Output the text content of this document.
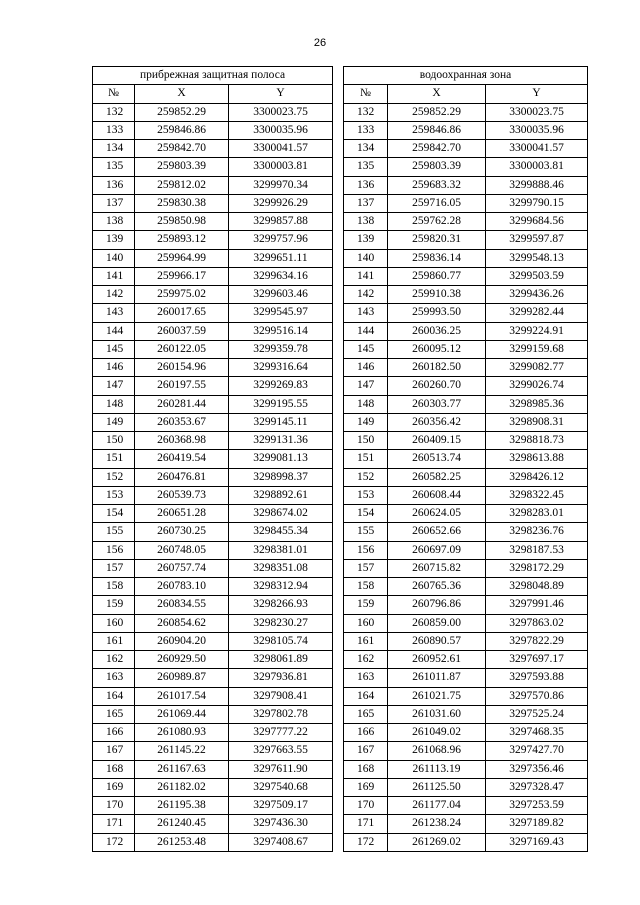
26
прибрежная защитная полоса		
№	X	Y
132	259852.29	3300023.75
133	259846.86	3300035.96
134	259842.70	3300041.57
135	259803.39	3300003.81
136	259812.02	3299970.34
137	259830.38	3299926.29
138	259850.98	3299857.88
139	259893.12	3299757.96
140	259964.99	3299651.11
141	259966.17	3299634.16
142	259975.02	3299603.46
143	260017.65	3299545.97
144	260037.59	3299516.14
145	260122.05	3299359.78
146	260154.96	3299316.64
147	260197.55	3299269.83
148	260281.44	3299195.55
149	260353.67	3299145.11
150	260368.98	3299131.36
151	260419.54	3299081.13
152	260476.81	3298998.37
153	260539.73	3298892.61
154	260651.28	3298674.02
155	260730.25	3298455.34
156	260748.05	3298381.01
157	260757.74	3298351.08
158	260783.10	3298312.94
159	260834.55	3298266.93
160	260854.62	3298230.27
161	260904.20	3298105.74
162	260929.50	3298061.89
163	260989.87	3297936.81
164	261017.54	3297908.41
165	261069.44	3297802.78
166	261080.93	3297777.22
167	261145.22	3297663.55
168	261167.63	3297611.90
169	261182.02	3297540.68
170	261195.38	3297509.17
171	261240.45	3297436.30
172	261253.48	3297408.67
водоохранная зона		
№	X	Y
132	259852.29	3300023.75
133	259846.86	3300035.96
134	259842.70	3300041.57
135	259803.39	3300003.81
136	259683.32	3299888.46
137	259716.05	3299790.15
138	259762.28	3299684.56
139	259820.31	3299597.87
140	259836.14	3299548.13
141	259860.77	3299503.59
142	259910.38	3299436.26
143	259993.50	3299282.44
144	260036.25	3299224.91
145	260095.12	3299159.68
146	260182.50	3299082.77
147	260260.70	3299026.74
148	260303.77	3298985.36
149	260356.42	3298908.31
150	260409.15	3298818.73
151	260513.74	3298613.88
152	260582.25	3298426.12
153	260608.44	3298322.45
154	260624.05	3298283.01
155	260652.66	3298236.76
156	260697.09	3298187.53
157	260715.82	3298172.29
158	260765.36	3298048.89
159	260796.86	3297991.46
160	260859.00	3297863.02
161	260890.57	3297822.29
162	260952.61	3297697.17
163	261011.87	3297593.88
164	261021.75	3297570.86
165	261031.60	3297525.24
166	261049.02	3297468.35
167	261068.96	3297427.70
168	261113.19	3297356.46
169	261125.50	3297328.47
170	261177.04	3297253.59
171	261238.24	3297189.82
172	261269.02	3297169.43
